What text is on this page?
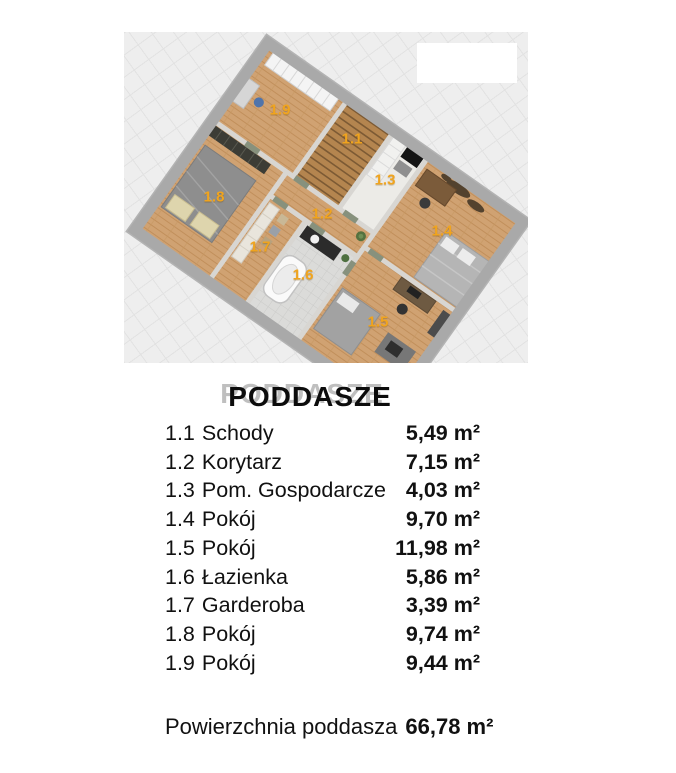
1.1
1.2
1.3
1.4
1.5
1.6
1.7
1.8
1.9
PODDASZE
1.1 Schody	5,49 m²
1.2 Korytarz	7,15 m²
1.3 Pom. Gospodarcze 4,03 m²
1.4 Pokój	9,70 m²
1.5 Pokój	11,98 m²
1.6 Łazienka	5,86 m²
1.7 Garderoba	3,39 m²
1.8 Pokój	9,74 m²
1.9 Pokój	9,44 m²
Powierzchnia poddasza 66,78 m²
